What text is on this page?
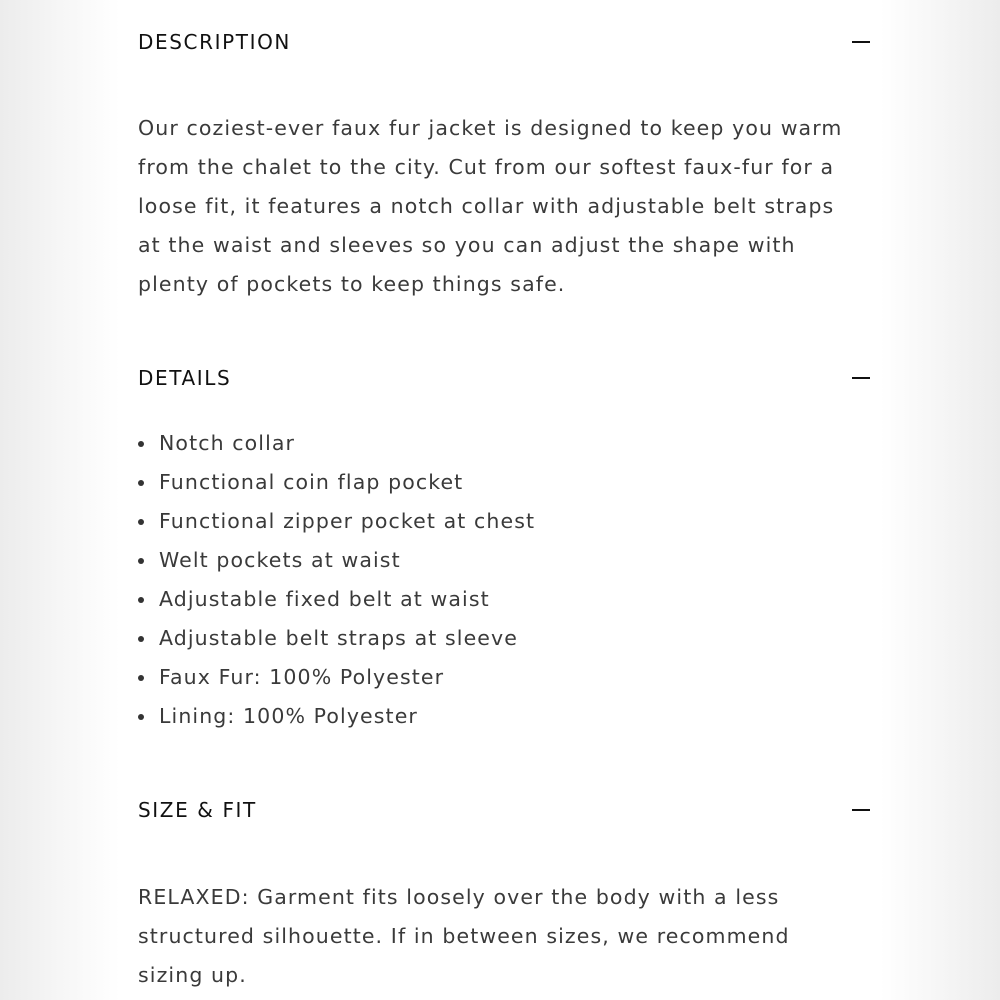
DESCRIPTION

Our coziest-ever faux fur jacket is designed to keep you warm from the chalet to the city. Cut from our softest faux-fur for a loose fit, it features a notch collar with adjustable belt straps at the waist and sleeves so you can adjust the shape with plenty of pockets to keep things safe.

DETAILS
Notch collar
Functional coin flap pocket
Functional zipper pocket at chest
Welt pockets at waist
Adjustable fixed belt at waist
Adjustable belt straps at sleeve
Faux Fur: 100% Polyester
Lining: 100% Polyester
SIZE & FIT

RELAXED: Garment fits loosely over the body with a less structured silhouette. If in between sizes, we recommend sizing up.
